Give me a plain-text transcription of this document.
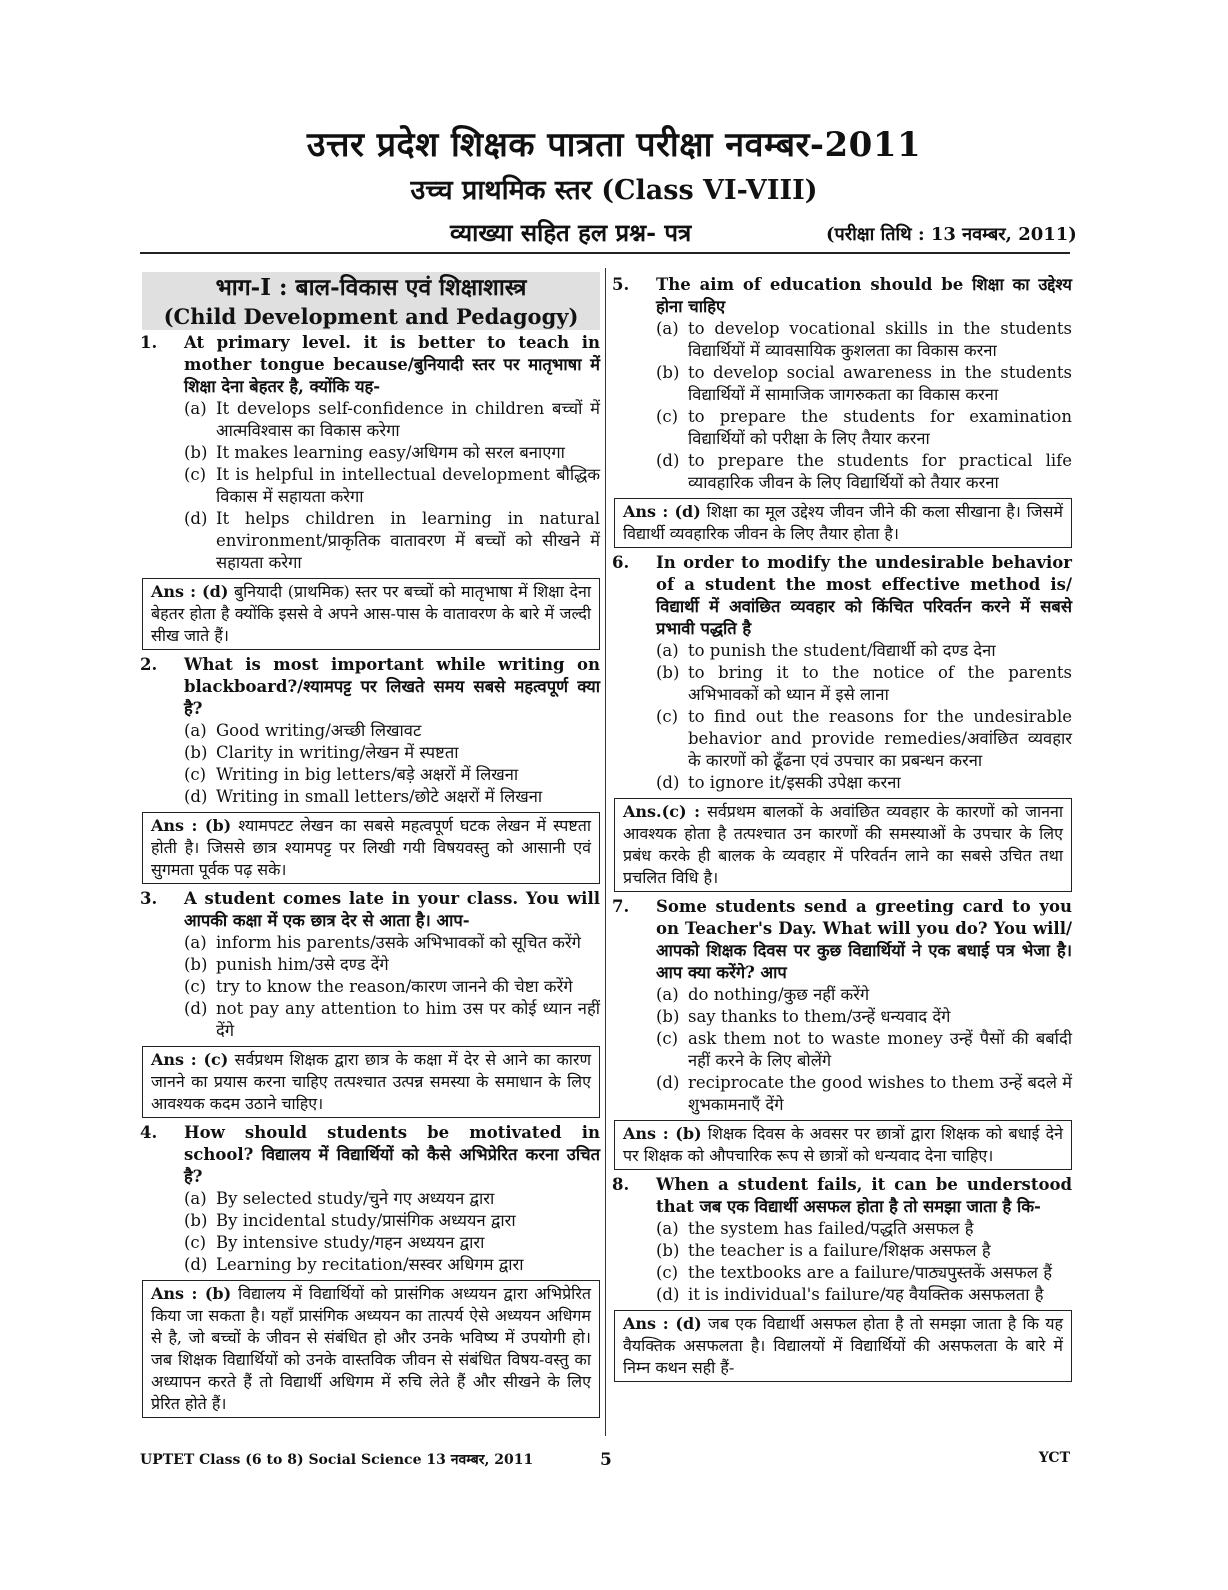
उत्तर प्रदेश शिक्षक पात्रता परीक्षा नवम्बर-2011
उच्च प्राथमिक स्तर (Class VI-VIII)
व्याख्या सहित हल प्रश्न- पत्र	(परीक्षा तिथि : 13 नवम्बर, 2011)
भाग-I : बाल-विकास एवं शिक्षाशास्त्र
(Child Development and Pedagogy)
1.	At primary level. it is better to teach in mother tongue because/बुनियादी स्तर पर मातृभाषा में शिक्षा देना बेहतर है, क्योंकि यह-
(a) It develops self-confidence in children बच्चों में आत्मविश्वास का विकास करेगा
(b) It makes learning easy/अधिगम को सरल बनाएगा
(c) It is helpful in intellectual development बौद्धिक विकास में सहायता करेगा
(d) It helps children in learning in natural environment/प्राकृतिक वातावरण में बच्चों को सीखने में सहायता करेगा
Ans : (d) बुनियादी (प्राथमिक) स्तर पर बच्चों को मातृभाषा में शिक्षा देना बेहतर होता है क्योंकि इससे वे अपने आस-पास के वातावरण के बारे में जल्दी सीख जाते हैं।
2.	What is most important while writing on blackboard?/श्यामपट्ट पर लिखते समय सबसे महत्वपूर्ण क्या है?
(a) Good writing/अच्छी लिखावट
(b) Clarity in writing/लेखन में स्पष्टता
(c) Writing in big letters/बड़े अक्षरों में लिखना
(d) Writing in small letters/छोटे अक्षरों में लिखना
Ans : (b) श्यामपटट लेखन का सबसे महत्वपूर्ण घटक लेखन में स्पष्टता होती है। जिससे छात्र श्यामपट्ट पर लिखी गयी विषयवस्तु को आसानी एवं सुगमता पूर्वक पढ़ सके।
3.	A student comes late in your class. You will आपकी कक्षा में एक छात्र देर से आता है। आप-
(a) inform his parents/उसके अभिभावकों को सूचित करेंगे
(b) punish him/उसे दण्ड देंगे
(c) try to know the reason/कारण जानने की चेष्टा करेंगे
(d) not pay any attention to him उस पर कोई ध्यान नहीं देंगे
Ans : (c) सर्वप्रथम शिक्षक द्वारा छात्र के कक्षा में देर से आने का कारण जानने का प्रयास करना चाहिए तत्पश्चात उत्पन्न समस्या के समाधान के लिए आवश्यक कदम उठाने चाहिए।
4.	How should students be motivated in school? विद्यालय में विद्यार्थियों को कैसे अभिप्रेरित करना उचित है?
(a) By selected study/चुने गए अध्ययन द्वारा
(b) By incidental study/प्रासंगिक अध्ययन द्वारा
(c) By intensive study/गहन अध्ययन द्वारा
(d) Learning by recitation/सस्वर अधिगम द्वारा
Ans : (b) विद्यालय में विद्यार्थियों को प्रासंगिक अध्ययन द्वारा अभिप्रेरित किया जा सकता है। यहाँ प्रासंगिक अध्ययन का तात्पर्य ऐसे अध्ययन अधिगम से है, जो बच्चों के जीवन से संबंधित हो और उनके भविष्य में उपयोगी हो। जब शिक्षक विद्यार्थियों को उनके वास्तविक जीवन से संबंधित विषय-वस्तु का अध्यापन करते हैं तो विद्यार्थी अधिगम में रुचि लेते हैं और सीखने के लिए प्रेरित होते हैं।
5.	The aim of education should be शिक्षा का उद्देश्य होना चाहिए
(a) to develop vocational skills in the students विद्यार्थियों में व्यावसायिक कुशलता का विकास करना
(b) to develop social awareness in the students विद्यार्थियों में सामाजिक जागरुकता का विकास करना
(c) to prepare the students for examination विद्यार्थियों को परीक्षा के लिए तैयार करना
(d) to prepare the students for practical life व्यावहारिक जीवन के लिए विद्यार्थियों को तैयार करना
Ans : (d) शिक्षा का मूल उद्देश्य जीवन जीने की कला सीखाना है। जिसमें विद्यार्थी व्यवहारिक जीवन के लिए तैयार होता है।
6.	In order to modify the undesirable behavior of a student the most effective method is/विद्यार्थी में अवांछित व्यवहार को किंचित परिवर्तन करने में सबसे प्रभावी पद्धति है
(a) to punish the student/विद्यार्थी को दण्ड देना
(b) to bring it to the notice of the parents अभिभावकों को ध्यान में इसे लाना
(c) to find out the reasons for the undesirable behavior and provide remedies/अवांछित व्यवहार के कारणों को ढूँढना एवं उपचार का प्रबन्धन करना
(d) to ignore it/इसकी उपेक्षा करना
Ans.(c) : सर्वप्रथम बालकों के अवांछित व्यवहार के कारणों को जानना आवश्यक होता है तत्पश्चात उन कारणों की समस्याओं के उपचार के लिए प्रबंध करके ही बालक के व्यवहार में परिवर्तन लाने का सबसे उचित तथा प्रचलित विधि है।
7.	Some students send a greeting card to you on Teacher's Day. What will you do? You will/आपको शिक्षक दिवस पर कुछ विद्यार्थियों ने एक बधाई पत्र भेजा है। आप क्या करेंगे? आप
(a) do nothing/कुछ नहीं करेंगे
(b) say thanks to them/उन्हें धन्यवाद देंगे
(c) ask them not to waste money उन्हें पैसों की बर्बादी नहीं करने के लिए बोलेंगे
(d) reciprocate the good wishes to them उन्हें बदले में शुभकामनाएँ देंगे
Ans : (b) शिक्षक दिवस के अवसर पर छात्रों द्वारा शिक्षक को बधाई देने पर शिक्षक को औपचारिक रूप से छात्रों को धन्यवाद देना चाहिए।
8.	When a student fails, it can be understood that जब एक विद्यार्थी असफल होता है तो समझा जाता है कि-
(a) the system has failed/पद्धति असफल है
(b) the teacher is a failure/शिक्षक असफल है
(c) the textbooks are a failure/पाठ्यपुस्तकें असफल हैं
(d) it is individual's failure/यह वैयक्तिक असफलता है
Ans : (d) जब एक विद्यार्थी असफल होता है तो समझा जाता है कि यह वैयक्तिक असफलता है। विद्यालयों में विद्यार्थियों की असफलता के बारे में निम्न कथन सही हैं-
UPTET Class (6 to 8) Social Science 13 नवम्बर, 2011	5	YCT
